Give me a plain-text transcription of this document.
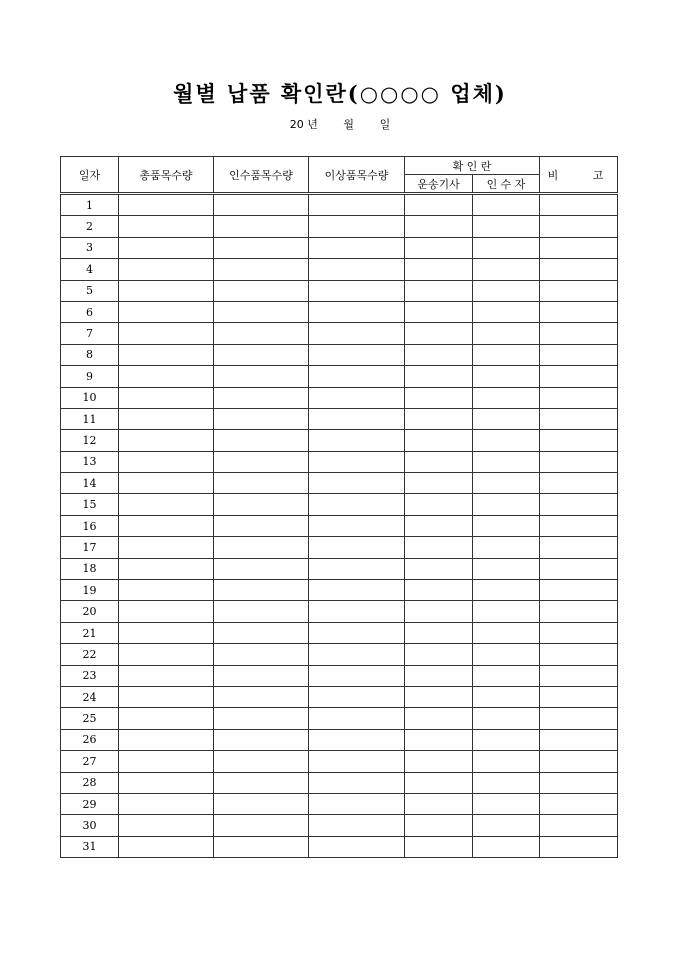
월별 납품 확인란(○○○○ 업체)
20 년 월 일
일자	총품목수량	인수품목수량	이상품목수량	확 인 란		비   고
				운송기사	인 수 자	
1						
2						
3						
4						
5						
6						
7						
8						
9						
10						
11						
12						
13						
14						
15						
16						
17						
18						
19						
20						
21						
22						
23						
24						
25						
26						
27						
28						
29						
30						
31						
